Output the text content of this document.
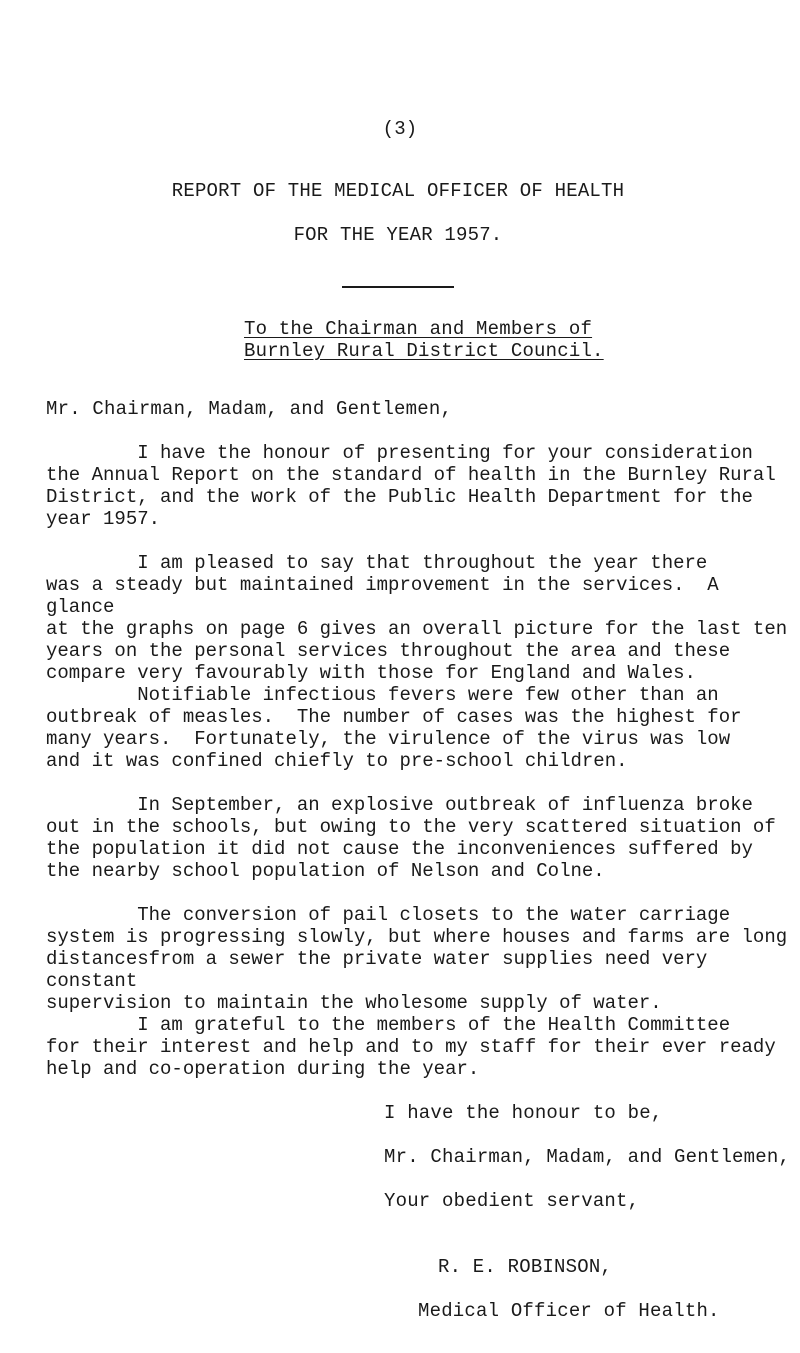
(3)
REPORT OF THE MEDICAL OFFICER OF HEALTH
FOR THE YEAR 1957.
To the Chairman and Members of
Burnley Rural District Council.
Mr. Chairman, Madam, and Gentlemen,
I have the honour of presenting for your consideration
the Annual Report on the standard of health in the Burnley Rural
District, and the work of the Public Health Department for the
year 1957.
I am pleased to say that throughout the year there
was a steady but maintained improvement in the services.  A glance
at the graphs on page 6 gives an overall picture for the last ten
years on the personal services throughout the area and these
compare very favourably with those for England and Wales.
Notifiable infectious fevers were few other than an
outbreak of measles.  The number of cases was the highest for
many years.  Fortunately, the virulence of the virus was low
and it was confined chiefly to pre-school children.
In September, an explosive outbreak of influenza broke
out in the schools, but owing to the very scattered situation of
the population it did not cause the inconveniences suffered by
the nearby school population of Nelson and Colne.
The conversion of pail closets to the water carriage
system is progressing slowly, but where houses and farms are long
distancesfrom a sewer the private water supplies need very constant
supervision to maintain the wholesome supply of water.
I am grateful to the members of the Health Committee
for their interest and help and to my staff for their ever ready
help and co-operation during the year.
I have the honour to be,
Mr. Chairman, Madam, and Gentlemen,
Your obedient servant,
R. E. ROBINSON,
Medical Officer of Health.
